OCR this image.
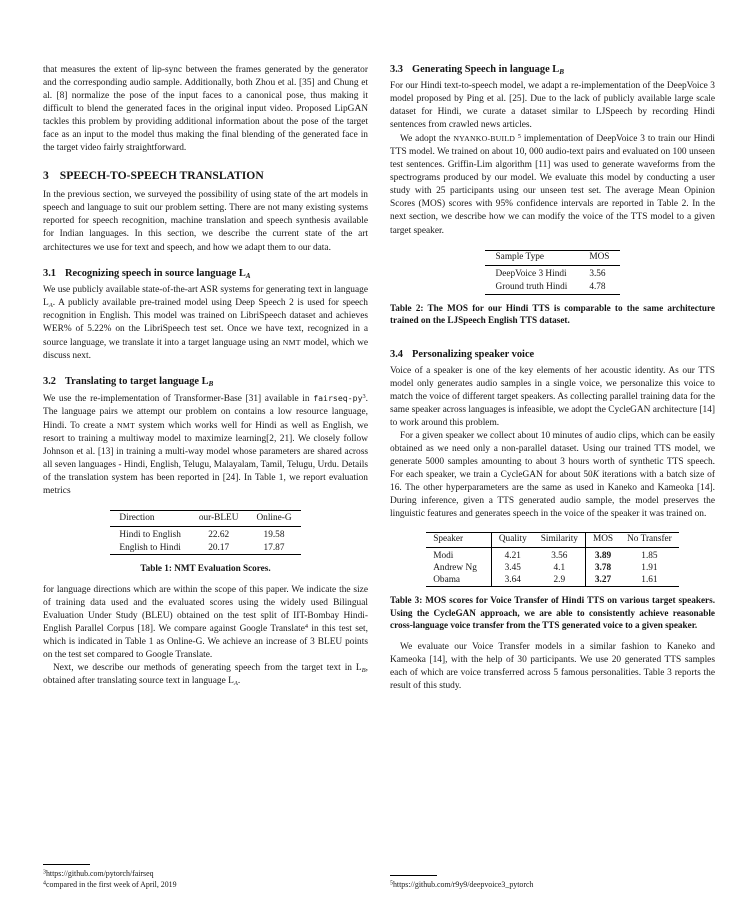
that measures the extent of lip-sync between the frames generated by the generator and the corresponding audio sample. Additionally, both Zhou et al. [35] and Chung et al. [8] normalize the pose of the input faces to a canonical pose, thus making it difficult to blend the generated faces in the original input video. Proposed LipGAN tackles this problem by providing additional information about the pose of the target face as an input to the model thus making the final blending of the generated face in the target video fairly straightforward.

3 SPEECH-TO-SPEECH TRANSLATION

In the previous section, we surveyed the possibility of using state of the art models in speech and language to suit our problem setting. There are not many existing systems reported for speech recognition, machine translation and speech synthesis available for Indian languages. In this section, we describe the current state of the art architectures we use for text and speech, and how we adapt them to our data.

3.1 Recognizing speech in source language $L_A$

We use publicly available state-of-the-art ASR systems for generating text in language $L_A$. A publicly available pre-trained model using Deep Speech 2 is used for speech recognition in English. This model was trained on LibriSpeech dataset and achieves WER% of 5.22% on the LibriSpeech test set. Once we have text, recognized in a source language, we translate it into a target language using an NMT model, which we discuss next.

3.2 Translating to target language $L_B$

We use the re-implementation of Transformer-Base [31] available in fairseq-py$^3$. The language pairs we attempt our problem on contains a low resource language, Hindi. To create a NMT system which works well for Hindi as well as English, we resort to training a multiway model to maximize learning[2, 21]. We closely follow Johnson et al. [13] in training a multi-way model whose parameters are shared across all seven languages - Hindi, English, Telugu, Malayalam, Tamil, Telugu, Urdu. Details of the translation system has been reported in [24]. In Table 1, we report evaluation metrics

Direction	our-BLEU	Online-G
Hindi to English	22.62	19.58
English to Hindi	20.17	17.87
Table 1: NMT Evaluation Scores.

for language directions which are within the scope of this paper. We indicate the size of training data used and the evaluated scores using the widely used Bilingual Evaluation Under Study (BLEU) obtained on the test split of IIT-Bombay Hindi-English Parallel Corpus [18]. We compare against Google Translate$^4$ in this test set, which is indicated in Table 1 as Online-G. We achieve an increase of 3 BLEU points on the test set compared to Google Translate.

Next, we describe our methods of generating speech from the target text in $L_B$, obtained after translating source text in language $L_A$.

$^3$https://github.com/pytorch/fairseq
$^4$compared in the first week of April, 2019
3.3 Generating Speech in language $L_B$

For our Hindi text-to-speech model, we adapt a re-implementation of the DeepVoice 3 model proposed by Ping et al. [25]. Due to the lack of publicly available large scale dataset for Hindi, we curate a dataset similar to LJSpeech by recording Hindi sentences from crawled news articles.

We adopt the NYANKO-BUILD $^5$ implementation of DeepVoice 3 to train our Hindi TTS model. We trained on about 10, 000 audio-text pairs and evaluated on 100 unseen test sentences. Griffin-Lim algorithm [11] was used to generate waveforms from the spectrograms produced by our model. We evaluate this model by conducting a user study with 25 participants using our unseen test set. The average Mean Opinion Scores (MOS) scores with 95% confidence intervals are reported in Table 2. In the next section, we describe how we can modify the voice of the TTS model to a given target speaker.

Sample Type	MOS
DeepVoice 3 Hindi	3.56
Ground truth Hindi	4.78
Table 2: The MOS for our Hindi TTS is comparable to the same architecture trained on the LJSpeech English TTS dataset.
3.4 Personalizing speaker voice

Voice of a speaker is one of the key elements of her acoustic identity. As our TTS model only generates audio samples in a single voice, we personalize this voice to match the voice of different target speakers. As collecting parallel training data for the same speaker across languages is infeasible, we adopt the CycleGAN architecture [14] to work around this problem.

For a given speaker we collect about 10 minutes of audio clips, which can be easily obtained as we need only a non-parallel dataset. Using our trained TTS model, we generate 5000 samples amounting to about 3 hours worth of synthetic TTS speech. For each speaker, we train a CycleGAN for about 50K iterations with a batch size of 16. The other hyperparameters are the same as used in Kaneko and Kameoka [14]. During inference, given a TTS generated audio sample, the model preserves the linguistic features and generates speech in the voice of the speaker it was trained on.

Speaker	Quality	Similarity	MOS	No Transfer
Modi	4.21	3.56	3.89	1.85
Andrew Ng	3.45	4.1	3.78	1.91
Obama	3.64	2.9	3.27	1.61
Table 3: MOS scores for Voice Transfer of Hindi TTS on various target speakers. Using the CycleGAN approach, we are able to consistently achieve reasonable cross-language voice transfer from the TTS generated voice to a given speaker.

We evaluate our Voice Transfer models in a similar fashion to Kaneko and Kameoka [14], with the help of 30 participants. We use 20 generated TTS samples each of which are voice transferred across 5 famous personalities. Table 3 reports the result of this study.

$^5$https://github.com/r9y9/deepvoice3_pytorch
